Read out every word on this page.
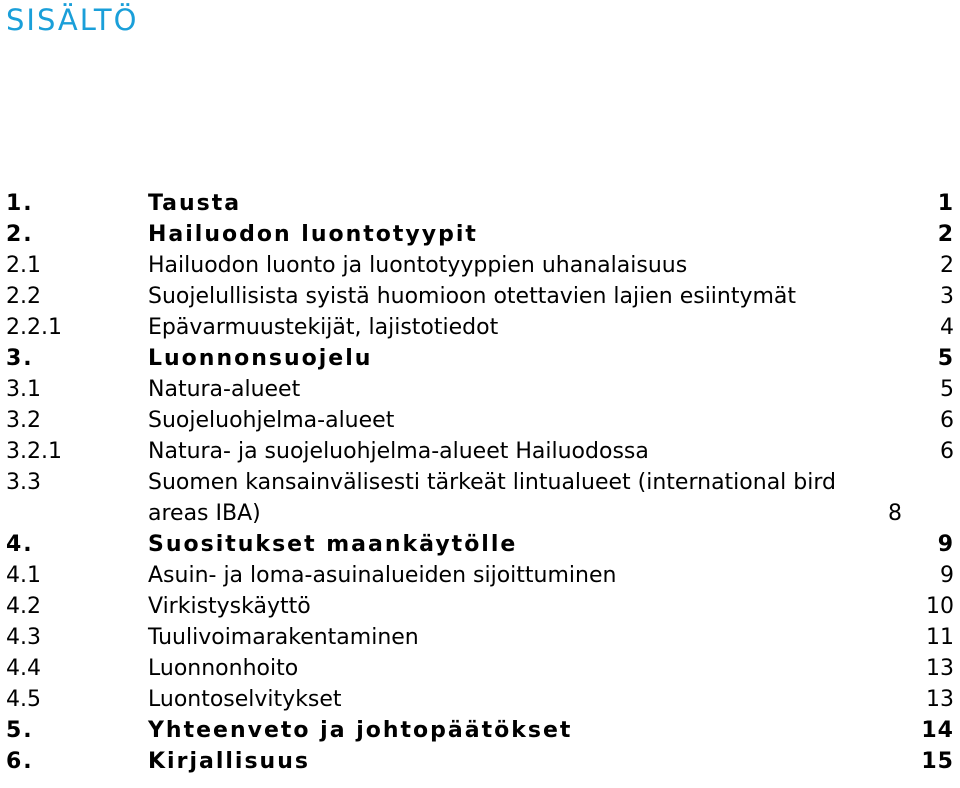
SISÄLTÖ
1.	Tausta	1
2.	Hailuodon luontotyypit	2
2.1	Hailuodon luonto ja luontotyyppien uhanalaisuus	2
2.2	Suojelullisista syistä huomioon otettavien lajien esiintymät	3
2.2.1	Epävarmuustekijät, lajistotiedot	4
3.	Luonnonsuojelu	5
3.1	Natura-alueet	5
3.2	Suojeluohjelma-alueet	6
3.2.1	Natura- ja suojeluohjelma-alueet Hailuodossa	6
3.3	Suomen kansainvälisesti tärkeät lintualueet (international bird areas IBA)	8
4.	Suositukset maankäytölle	9
4.1	Asuin- ja loma-asuinalueiden sijoittuminen	9
4.2	Virkistyskäyttö	10
4.3	Tuulivoimarakentaminen	11
4.4	Luonnonhoito	13
4.5	Luontoselvitykset	13
5.	Yhteenveto ja johtopäätökset	14
6.	Kirjallisuus	15
